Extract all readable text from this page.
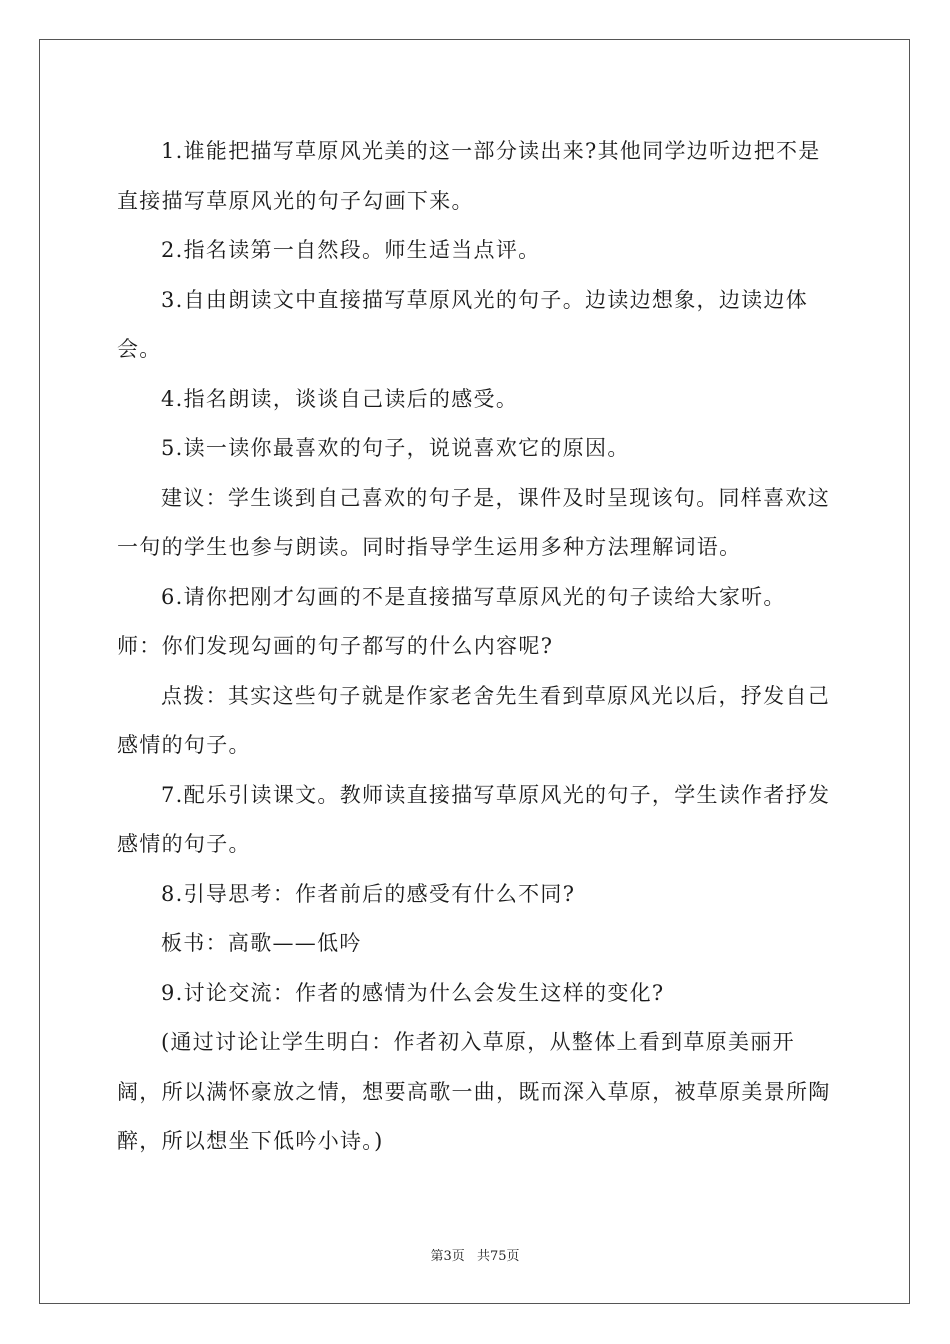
1.谁能把描写草原风光美的这一部分读出来?其他同学边听边把不是直接描写草原风光的句子勾画下来。

2.指名读第一自然段。师生适当点评。

3.自由朗读文中直接描写草原风光的句子。边读边想象，边读边体会。

4.指名朗读，谈谈自己读后的感受。

5.读一读你最喜欢的句子，说说喜欢它的原因。

建议：学生谈到自己喜欢的句子是，课件及时呈现该句。同样喜欢这一句的学生也参与朗读。同时指导学生运用多种方法理解词语。

6.请你把刚才勾画的不是直接描写草原风光的句子读给大家听。

师：你们发现勾画的句子都写的什么内容呢?

点拨：其实这些句子就是作家老舍先生看到草原风光以后，抒发自己感情的句子。

7.配乐引读课文。教师读直接描写草原风光的句子，学生读作者抒发感情的句子。

8.引导思考：作者前后的感受有什么不同?

板书：高歌——低吟

9.讨论交流：作者的感情为什么会发生这样的变化?

(通过讨论让学生明白：作者初入草原，从整体上看到草原美丽开阔，所以满怀豪放之情，想要高歌一曲，既而深入草原，被草原美景所陶醉，所以想坐下低吟小诗。)

第3页 共75页
